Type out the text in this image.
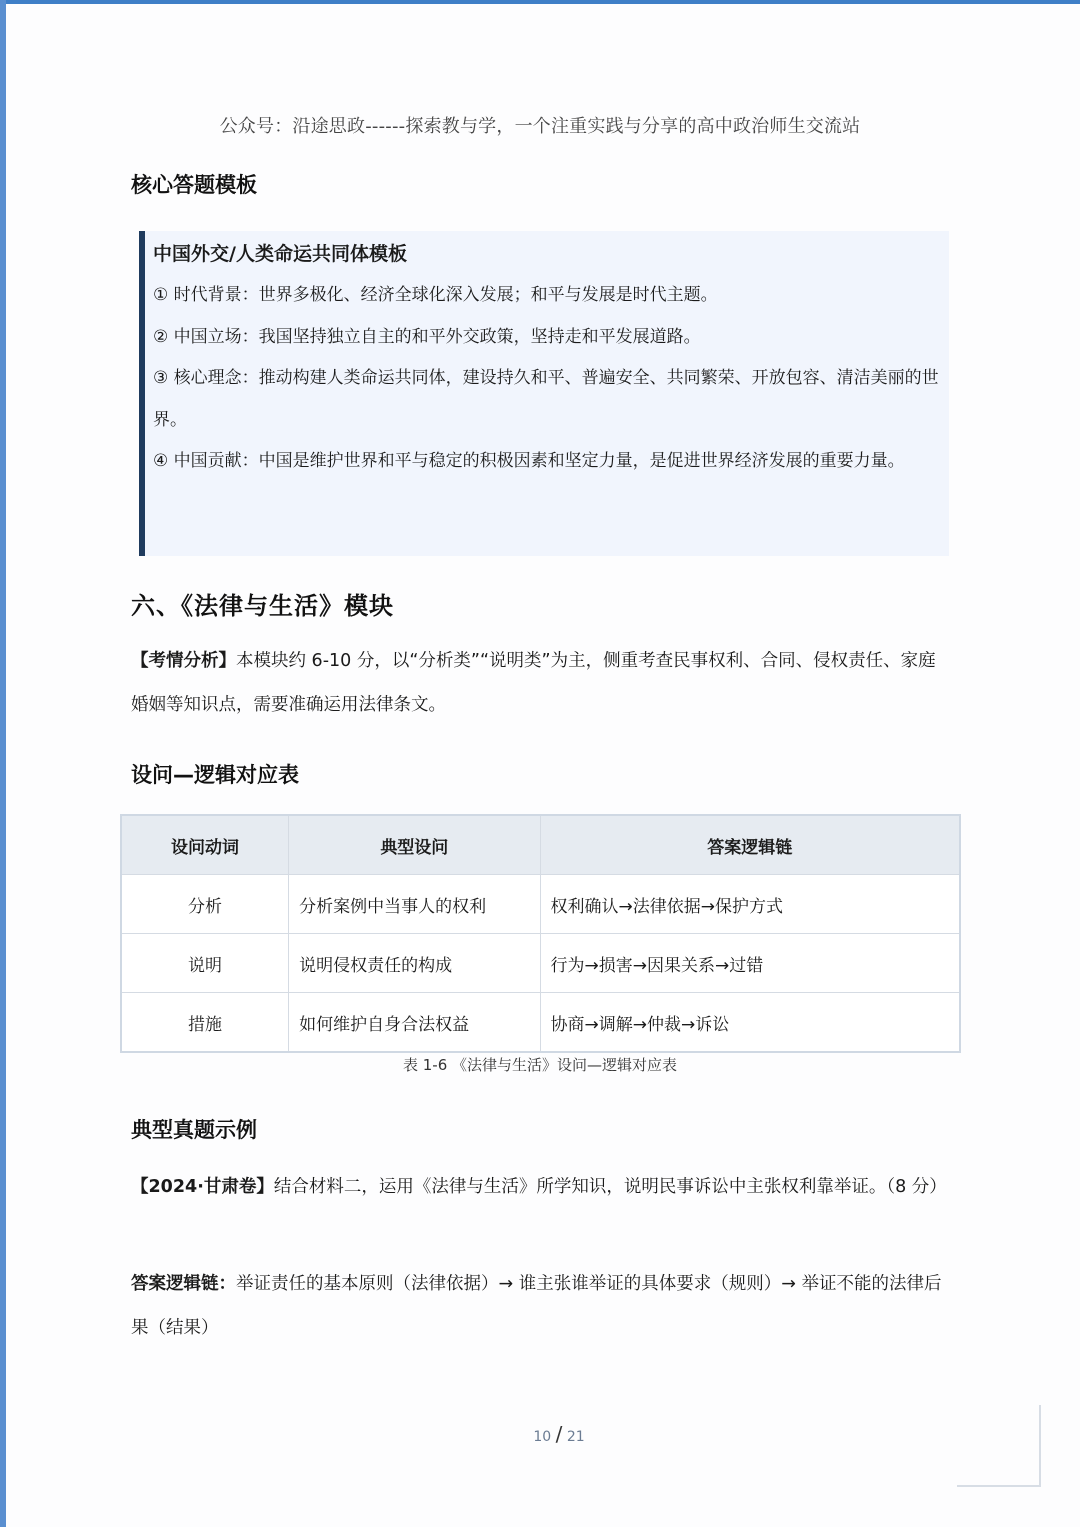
公众号：沿途思政------探索教与学，一个注重实践与分享的高中政治师生交流站
核心答题模板
中国外交/人类命运共同体模板

① 时代背景：世界多极化、经济全球化深入发展；和平与发展是时代主题。

② 中国立场：我国坚持独立自主的和平外交政策，坚持走和平发展道路。

③ 核心理念：推动构建人类命运共同体，建设持久和平、普遍安全、共同繁荣、开放包容、清洁美丽的世界。

④ 中国贡献：中国是维护世界和平与稳定的积极因素和坚定力量，是促进世界经济发展的重要力量。

六、《法律与生活》模块
【考情分析】本模块约 6-10 分，以“分析类”“说明类”为主，侧重考查民事权利、合同、侵权责任、家庭婚姻等知识点，需要准确运用法律条文。
设问—逻辑对应表
设问动词	典型设问	答案逻辑链
分析	分析案例中当事人的权利	权利确认→法律依据→保护方式
说明	说明侵权责任的构成	行为→损害→因果关系→过错
措施	如何维护自身合法权益	协商→调解→仲裁→诉讼
表 1-6 《法律与生活》设问—逻辑对应表
典型真题示例
【2024·甘肃卷】结合材料二，运用《法律与生活》所学知识，说明民事诉讼中主张权利靠举证。（8 分）
答案逻辑链：举证责任的基本原则（法律依据）→ 谁主张谁举证的具体要求（规则）→ 举证不能的法律后果（结果）
10 / 21
